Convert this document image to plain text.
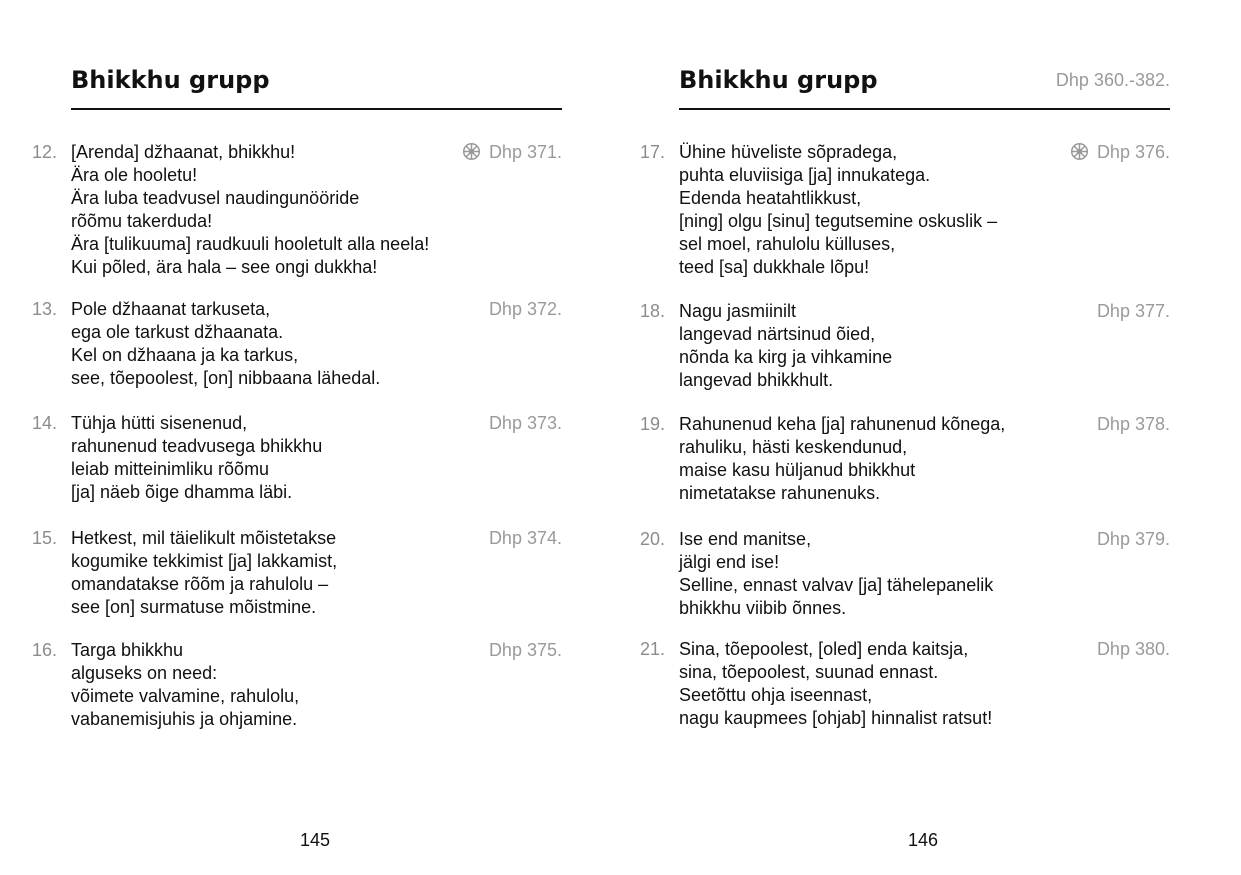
Bhikkhu grupp
12. [Arenda] džhaanat, bhikkhu!
Ära ole hooletu!
Ära luba teadvusel naudingunööride
rõõmu takerduda!
Ära [tulikuuma] raudkuuli hooletult alla neela!
Kui põled, ära hala – see ongi dukkha!
Dhp 371.
13. Pole džhaanat tarkuseta,
ega ole tarkust džhaanata.
Kel on džhaana ja ka tarkus,
see, tõepoolest, [on] nibbaana lähedal.
Dhp 372.
14. Tühja hütti sisenenud,
rahunenud teadvusega bhikkhu
leiab mitteinimliku rõõmu
[ja] näeb õige dhamma läbi.
Dhp 373.
15. Hetkest, mil täielikult mõistetakse
kogumike tekkimist [ja] lakkamist,
omandatakse rõõm ja rahulolu –
see [on] surmatuse mõistmine.
Dhp 374.
16. Targa bhikkhu
alguseks on need:
võimete valvamine, rahulolu,
vabanemisjuhis ja ohjamine.
Dhp 375.
145
Bhikkhu grupp	Dhp 360.-382.
17. Ühine hüveliste sõpradega,
puhta eluviisiga [ja] innukatega.
Edenda heatahtlikkust,
[ning] olgu [sinu] tegutsemine oskuslik –
sel moel, rahulolu külluses,
teed [sa] dukkhale lõpu!
Dhp 376.
18. Nagu jasmiinilt
langevad närtsinud õied,
nõnda ka kirg ja vihkamine
langevad bhikkhult.
Dhp 377.
19. Rahunenud keha [ja] rahunenud kõnega,
rahuliku, hästi keskendunud,
maise kasu hüljanud bhikkhut
nimetatakse rahunenuks.
Dhp 378.
20. Ise end manitse,
jälgi end ise!
Selline, ennast valvav [ja] tähelepanelik
bhikkhu viibib õnnes.
Dhp 379.
21. Sina, tõepoolest, [oled] enda kaitsja,
sina, tõepoolest, suunad ennast.
Seetõttu ohja iseennast,
nagu kaupmees [ohjab] hinnalist ratsut!
Dhp 380.
146
